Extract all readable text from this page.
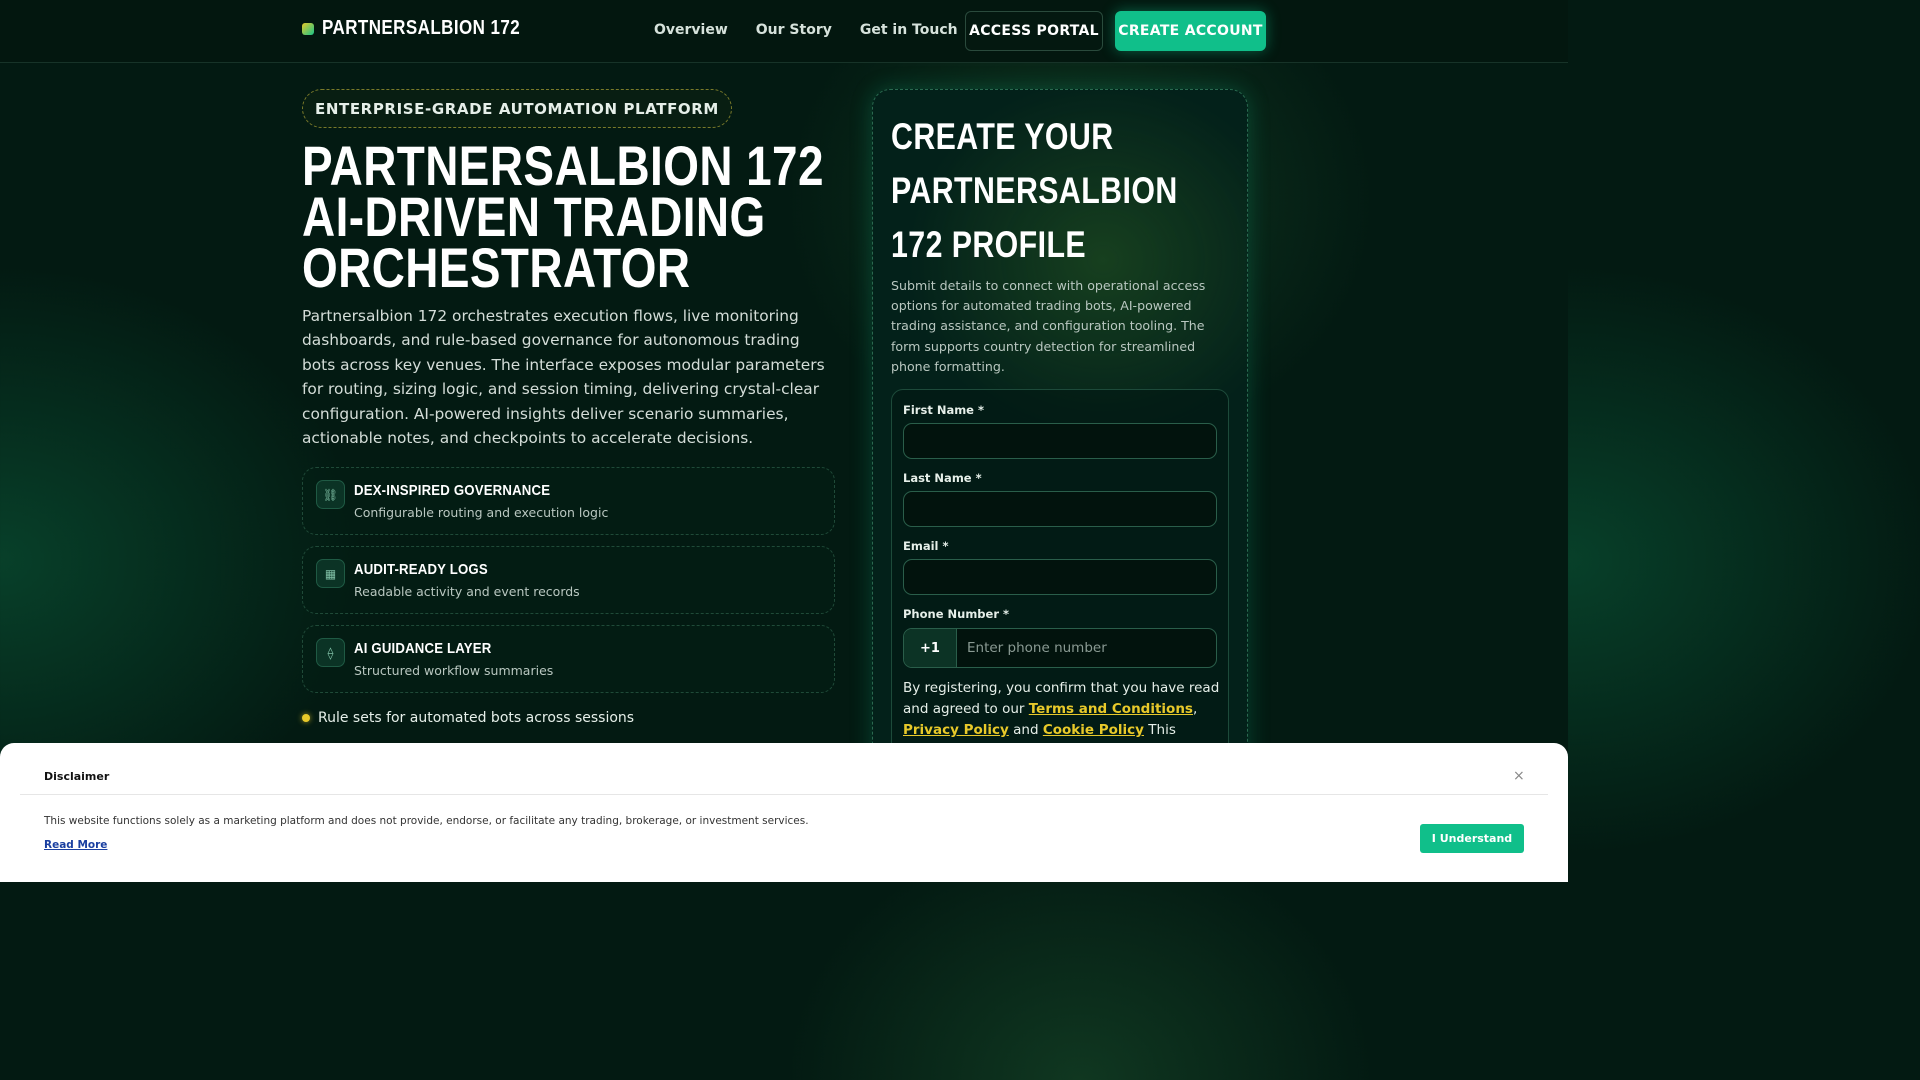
PARTNERSALBION 172	Overview Our Story Get in Touch ACCESS PORTAL CREATE ACCOUNT
ENTERPRISE-GRADE AUTOMATION PLATFORM
PARTNERSALBION 172 AI-DRIVEN TRADING ORCHESTRATOR

Partnersalbion 172 orchestrates execution flows, live monitoring dashboards, and rule-based governance for autonomous trading bots across key venues. The interface exposes modular parameters for routing, sizing logic, and session timing, delivering crystal-clear configuration. AI-powered insights deliver scenario summaries, actionable notes, and checkpoints to accelerate decisions.

⛓	DEX-INSPIRED GOVERNANCE
Configurable routing and execution logic
▦	AUDIT-READY LOGS
Readable activity and event records
⟠	AI GUIDANCE LAYER
Structured workflow summaries
Rule sets for automated bots across sessions
CREATE YOUR PARTNERSALBION 172 PROFILE

Submit details to connect with operational access options for automated trading bots, AI-powered trading assistance, and configuration tooling. The form supports country detection for streamlined phone formatting.

First Name *
Last Name *
Email *
Phone Number *
+1
Enter phone number
By registering, you confirm that you have read and agreed to our Terms and Conditions, Privacy Policy and Cookie Policy This
Disclaimer	×
This website functions solely as a marketing platform and does not provide, endorse, or facilitate any trading, brokerage, or investment services.
Read More	I Understand
